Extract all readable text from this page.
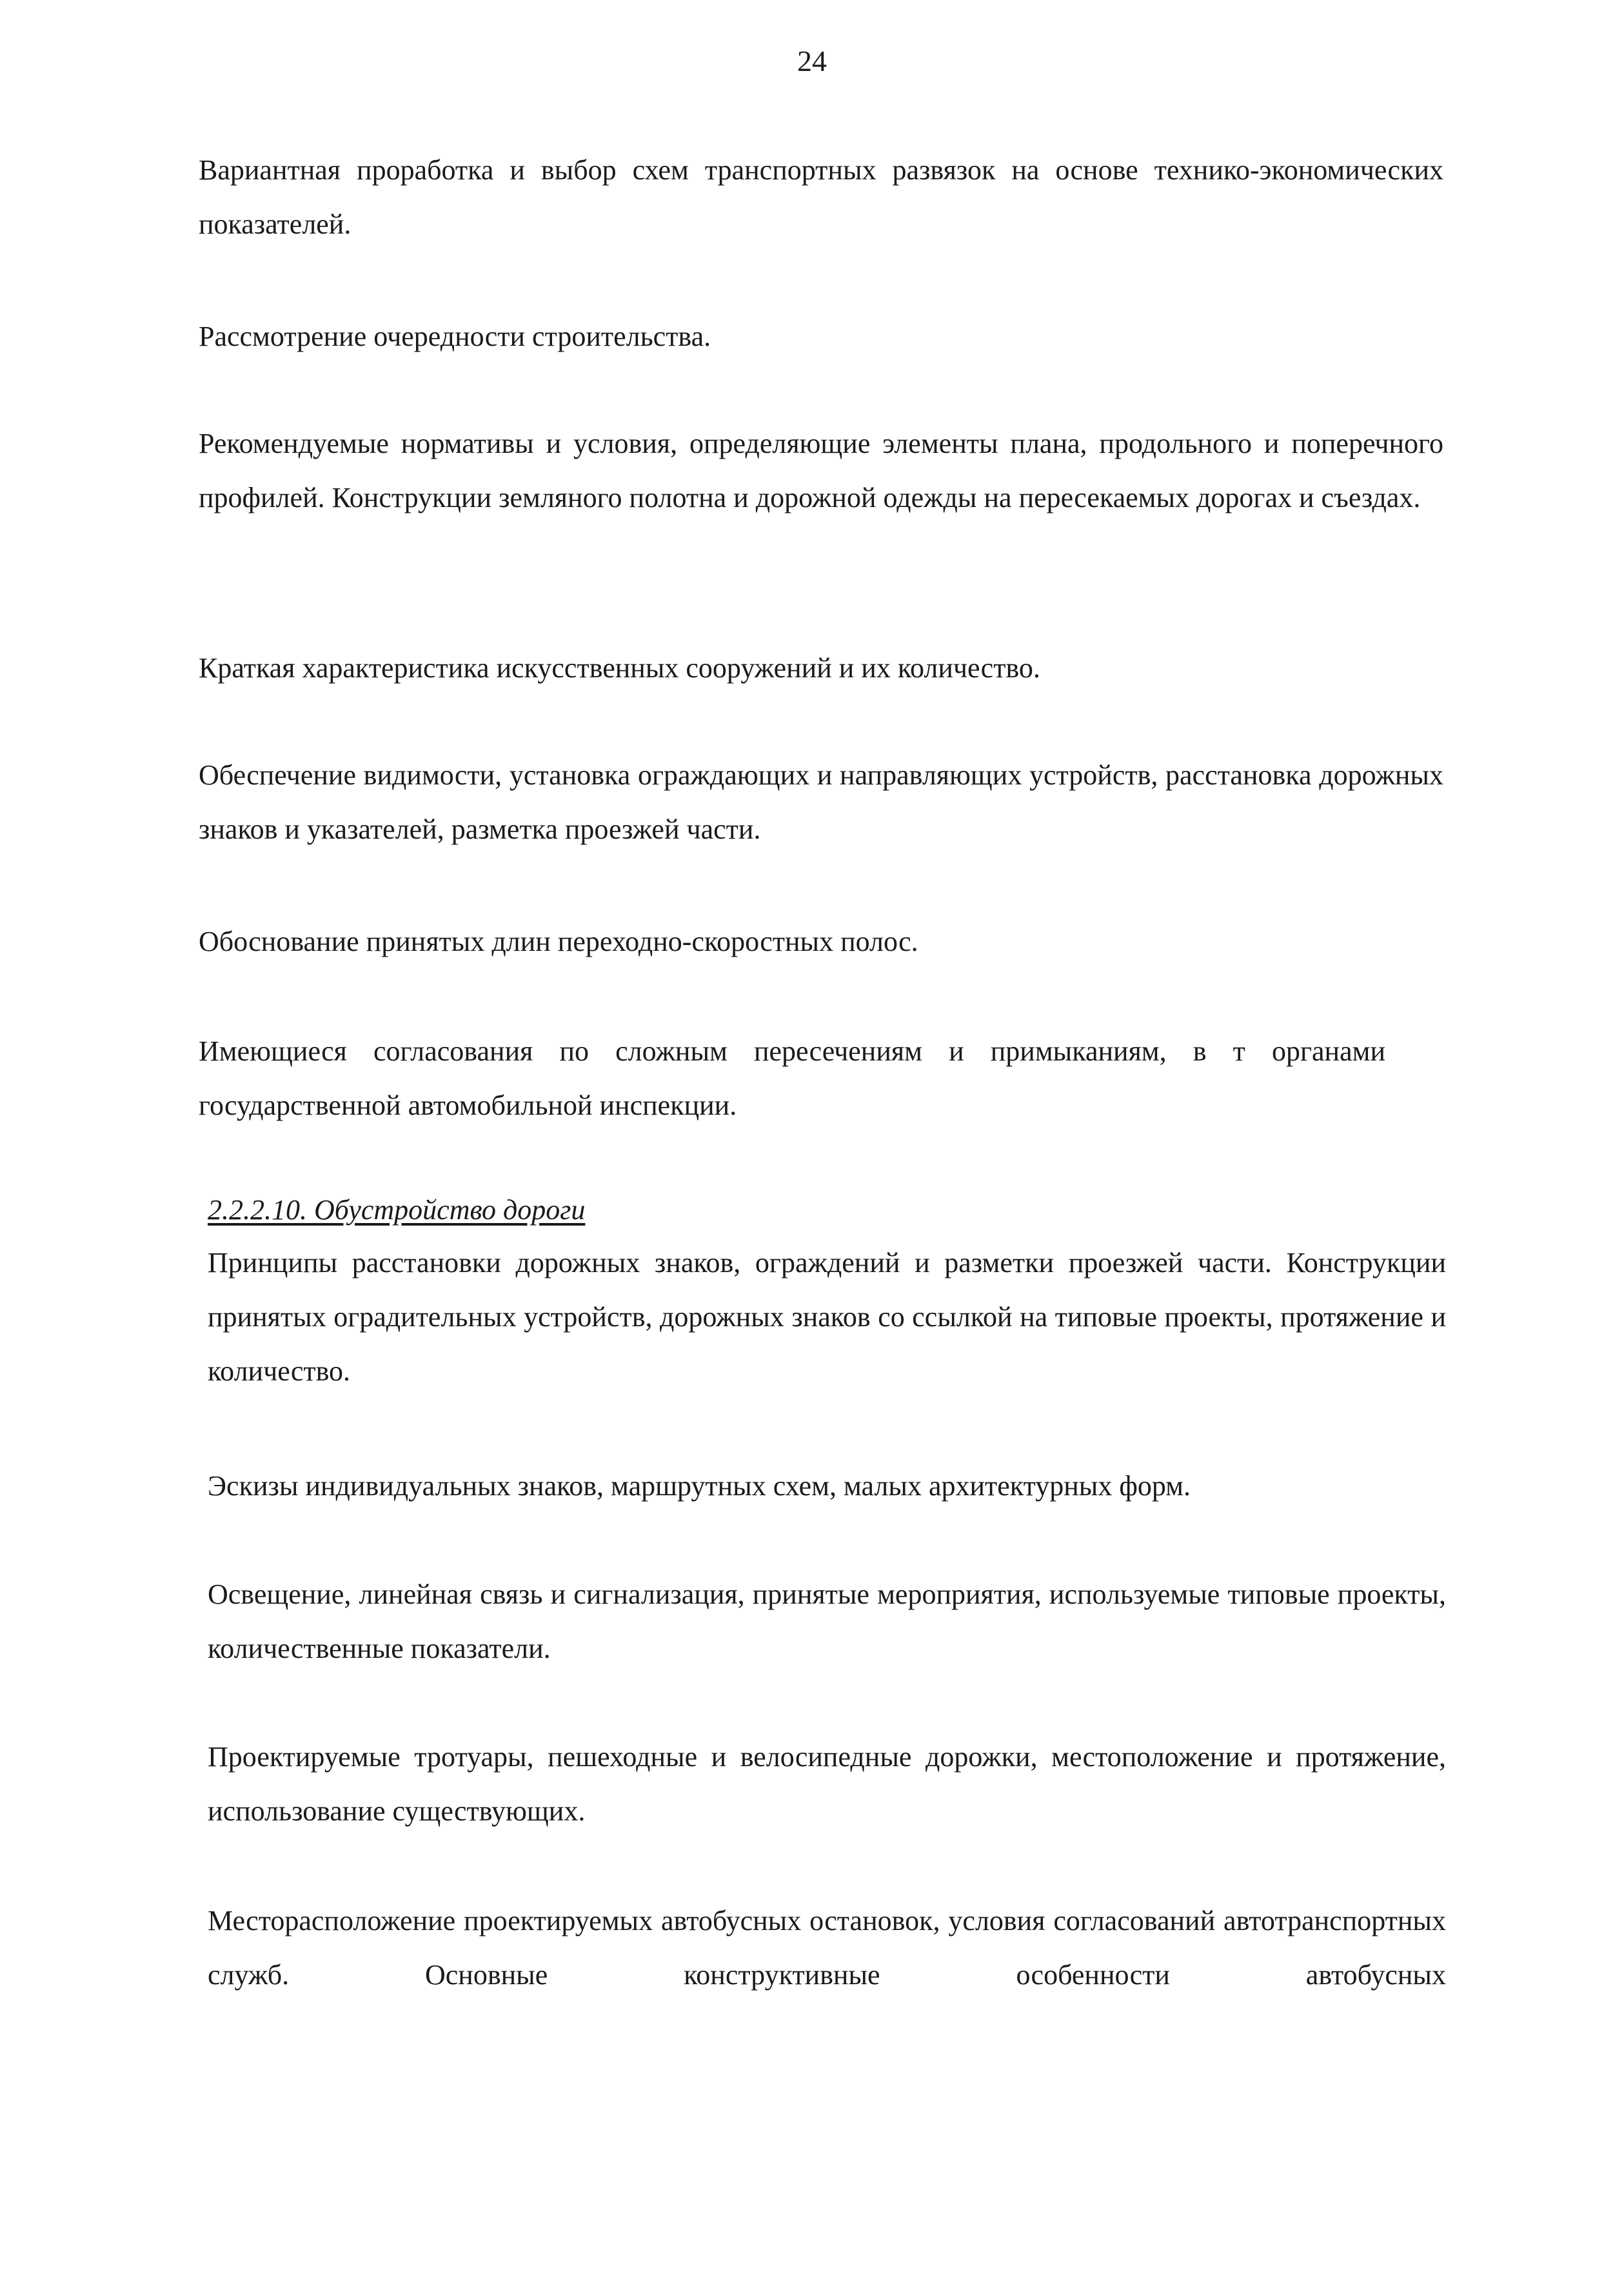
24
Вариантная проработка и выбор схем транспортных развязок на основе технико-экономических показателей.
Рассмотрение очередности строительства.
Рекомендуемые нормативы и условия, определяющие элементы плана, продольного и поперечного профилей. Конструкции земляного полотна и дорожной одежды на пересекаемых дорогах и съездах.
Краткая характеристика искусственных сооружений и их количество.
Обеспечение видимости, установка ограждающих и направляющих устройств, расстановка дорожных знаков и указателей, разметка проезжей части.
Обоснование принятых длин переходно-скоростных полос.
Имеющиеся согласования по сложным пересечениям и примыканиям, в т органами государственной автомобильной инспекции.
2.2.2.10. Обустройство дороги
Принципы расстановки дорожных знаков, ограждений и разметки проезжей части. Конструкции принятых оградительных устройств, дорожных знаков со ссылкой на типовые проекты, протяжение и количество.
Эскизы индивидуальных знаков, маршрутных схем, малых архитектурных форм.
Освещение, линейная связь и сигнализация, принятые мероприятия, используемые типовые проекты, количественные показатели.
Проектируемые тротуары, пешеходные и велосипедные дорожки, местоположение и протяжение, использование существующих.
Месторасположение проектируемых автобусных остановок, условия согласований автотранспортных служб. Основные конструктивные особенности автобусных
